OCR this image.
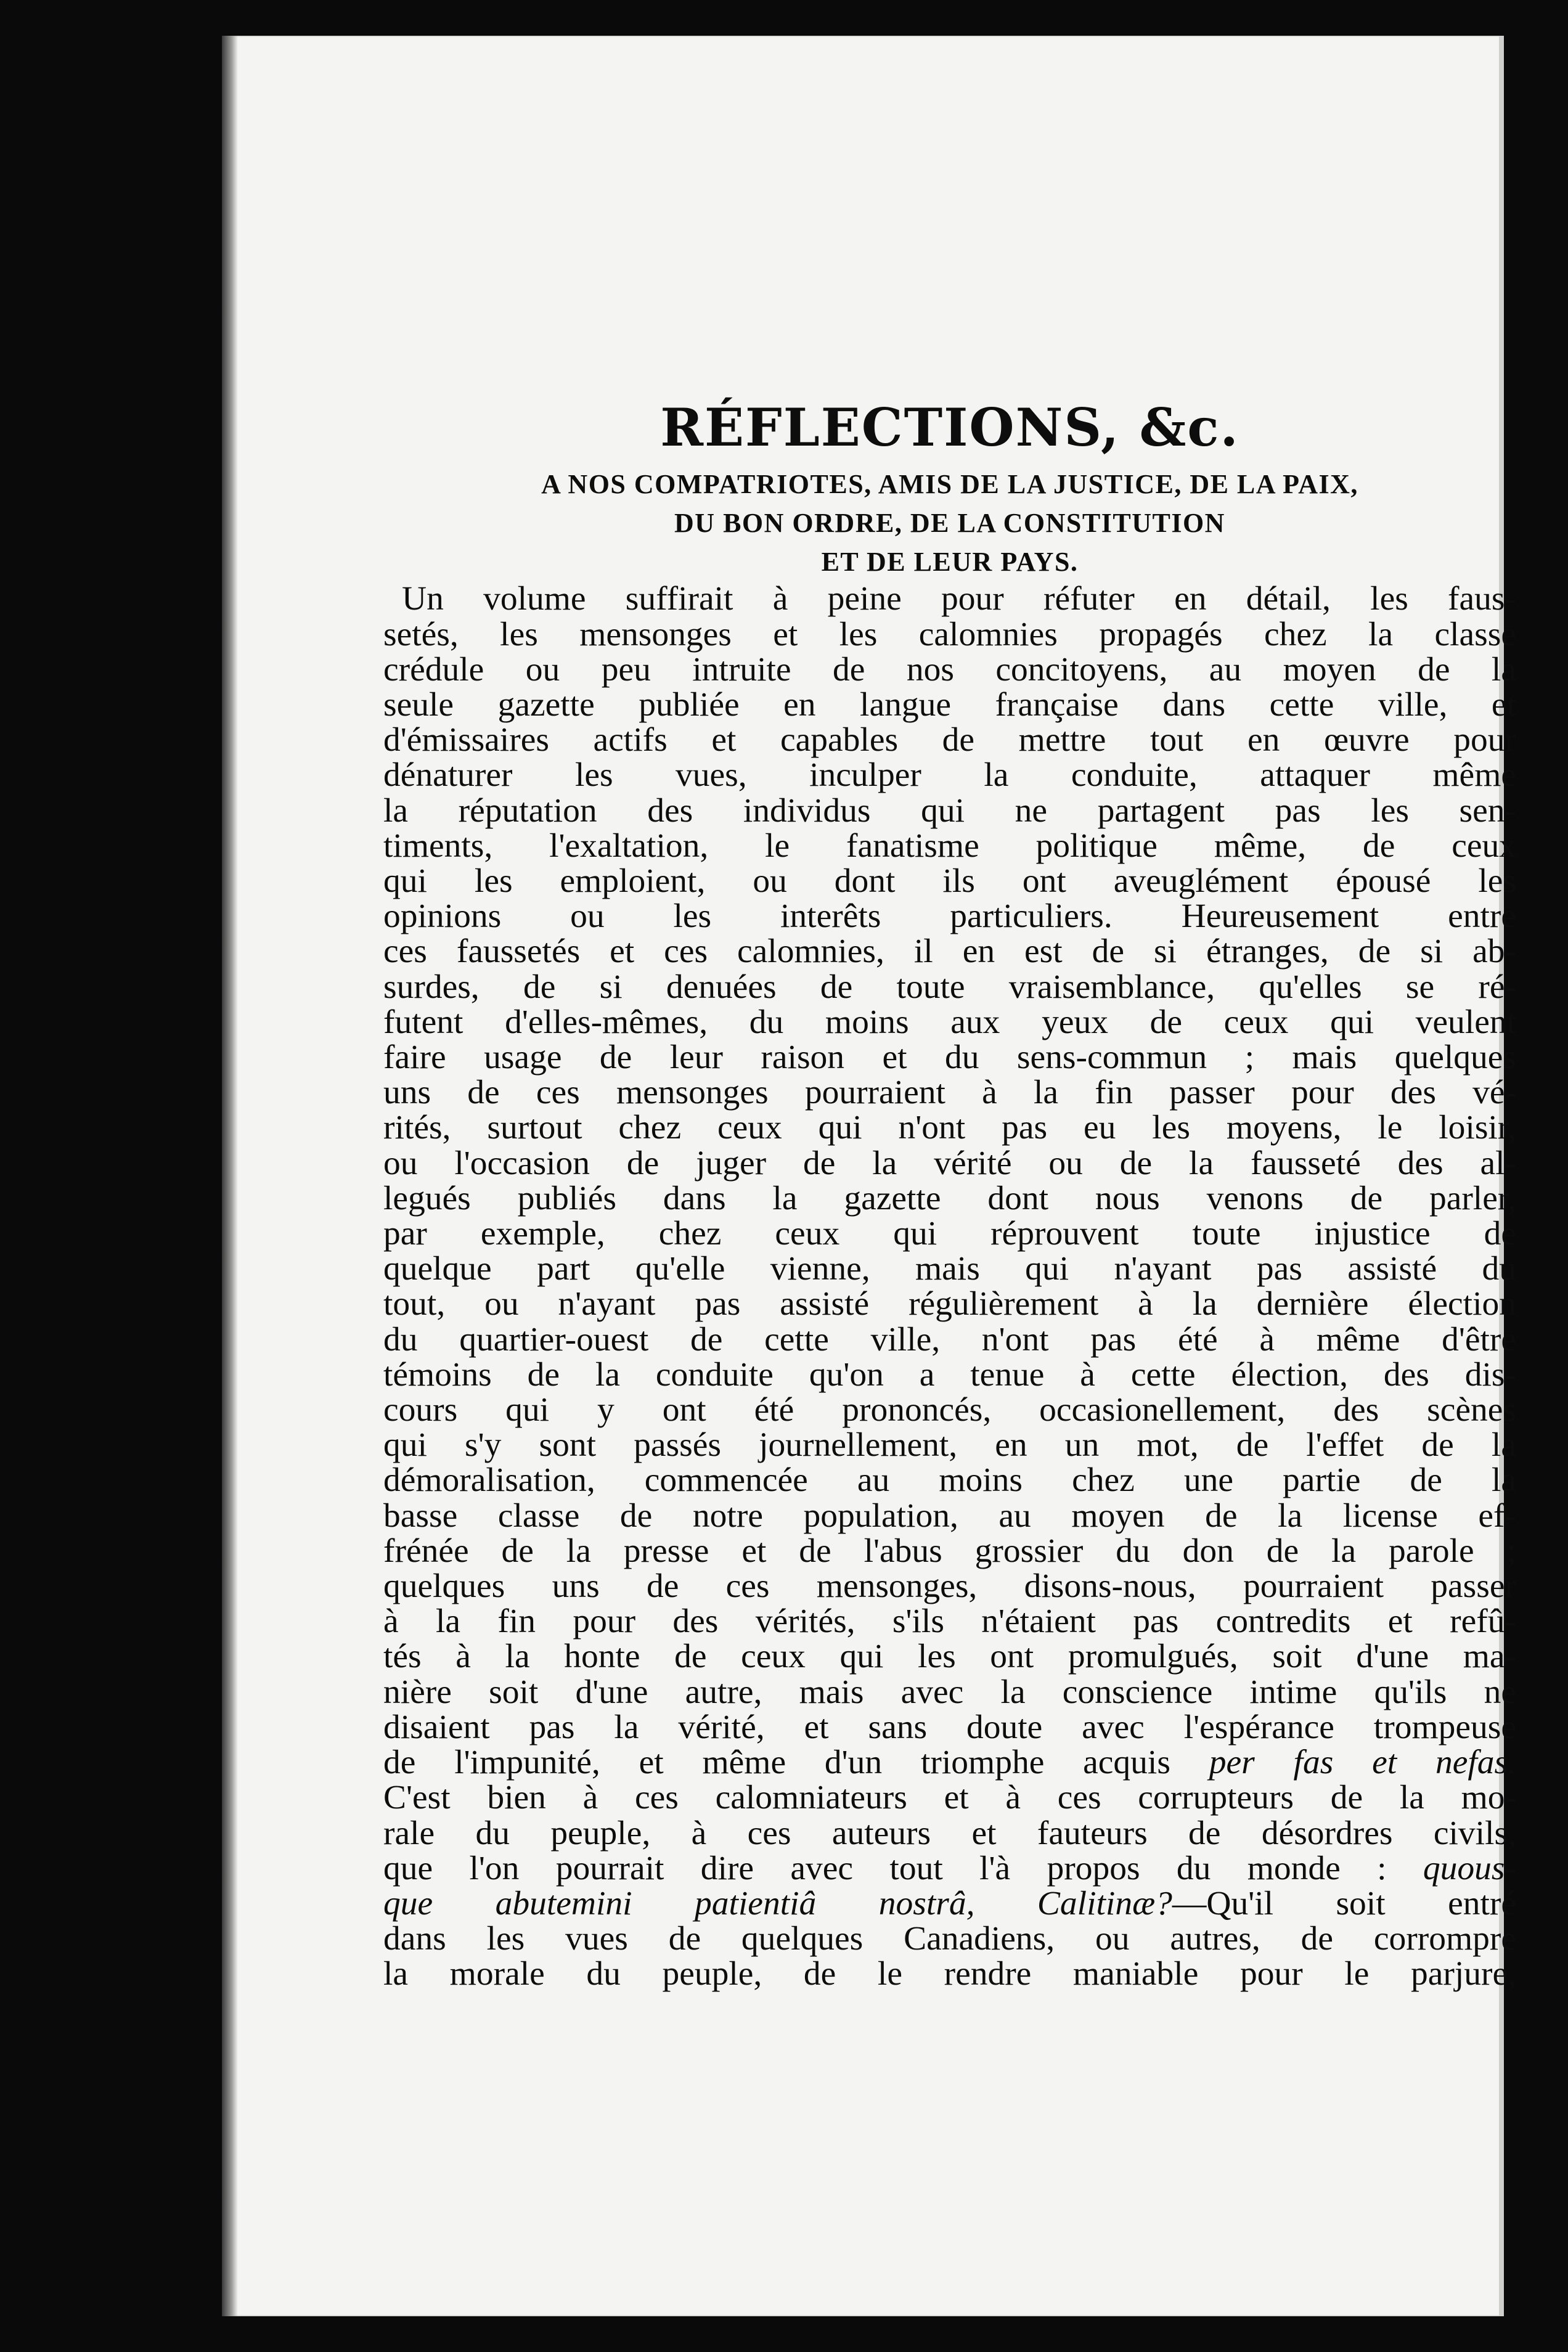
RÉFLECTIONS, &c.
A NOS COMPATRIOTES, AMIS DE LA JUSTICE, DE LA PAIX,
DU BON ORDRE, DE LA CONSTITUTION
ET DE LEUR PAYS.
Un volume suffirait à peine pour réfuter en détail, les faus-
setés, les mensonges et les calomnies propagés chez la classe
crédule ou peu intruite de nos concitoyens, au moyen de la
seule gazette publiée en langue française dans cette ville, et
d'émissaires actifs et capables de mettre tout en œuvre pour
dénaturer les vues, inculper la conduite, attaquer même
la réputation des individus qui ne partagent pas les sen-
timents, l'exaltation, le fanatisme politique même, de ceux
qui les emploient, ou dont ils ont aveuglément épousé les
opinions ou les interêts particuliers. Heureusement entre
ces faussetés et ces calomnies, il en est de si étranges, de si ab-
surdes, de si denuées de toute vraisemblance, qu'elles se ré-
futent d'elles-mêmes, du moins aux yeux de ceux qui veulent
faire usage de leur raison et du sens-commun ; mais quelques
uns de ces mensonges pourraient à la fin passer pour des vé-
rités, surtout chez ceux qui n'ont pas eu les moyens, le loisir,
ou l'occasion de juger de la vérité ou de la fausseté des al-
legués publiés dans la gazette dont nous venons de parler,
par exemple, chez ceux qui réprouvent toute injustice de
quelque part qu'elle vienne, mais qui n'ayant pas assisté du
tout, ou n'ayant pas assisté régulièrement à la dernière élection
du quartier-ouest de cette ville, n'ont pas été à même d'être
témoins de la conduite qu'on a tenue à cette élection, des dis-
cours qui y ont été prononcés, occasionellement, des scènes
qui s'y sont passés journellement, en un mot, de l'effet de la
démoralisation, commencée au moins chez une partie de la
basse classe de notre population, au moyen de la license ef-
frénée de la presse et de l'abus grossier du don de la parole ;
quelques uns de ces mensonges, disons-nous, pourraient passer
à la fin pour des vérités, s'ils n'étaient pas contredits et refû-
tés à la honte de ceux qui les ont promulgués, soit d'une ma-
nière soit d'une autre, mais avec la conscience intime qu'ils ne
disaient pas la vérité, et sans doute avec l'espérance trompeuse
de l'impunité, et même d'un triomphe acquis per fas et nefas.
C'est bien à ces calomniateurs et à ces corrupteurs de la mo-
rale du peuple, à ces auteurs et fauteurs de désordres civils,
que l'on pourrait dire avec tout l'à propos du monde : quous-
que abutemini patientiâ nostrâ, Calitinæ?—Qu'il soit entré
dans les vues de quelques Canadiens, ou autres, de corrompre
la morale du peuple, de le rendre maniable pour le parjure,
